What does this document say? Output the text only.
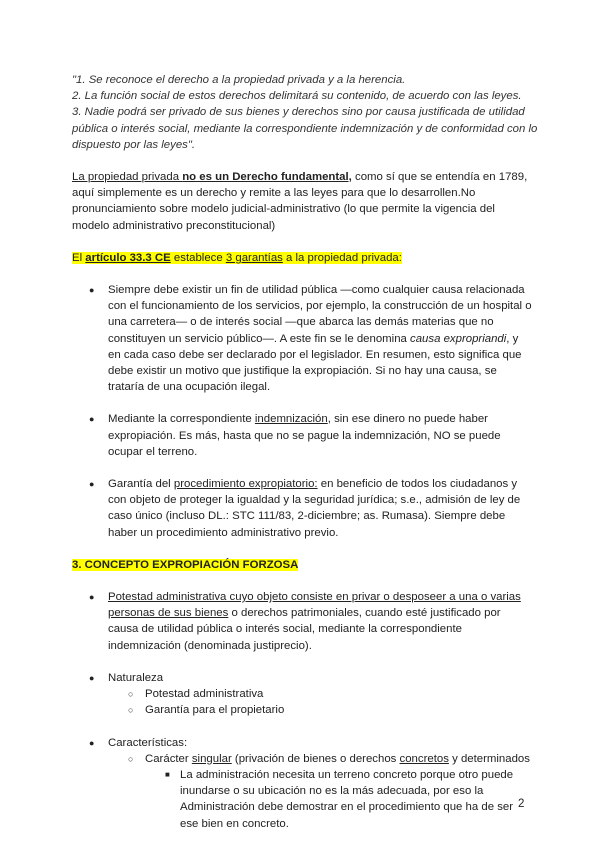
"1. Se reconoce el derecho a la propiedad privada y a la herencia.
2. La función social de estos derechos delimitará su contenido, de acuerdo con las leyes.
3. Nadie podrá ser privado de sus bienes y derechos sino por causa justificada de utilidad pública o interés social, mediante la correspondiente indemnización y de conformidad con lo dispuesto por las leyes".
La propiedad privada no es un Derecho fundamental, como sí que se entendía en 1789, aquí simplemente es un derecho y remite a las leyes para que lo desarrollen.No pronunciamiento sobre modelo judicial-administrativo (lo que permite la vigencia del modelo administrativo preconstitucional)
El artículo 33.3 CE establece 3 garantías a la propiedad privada:
● Siempre debe existir un fin de utilidad pública —como cualquier causa relacionada con el funcionamiento de los servicios, por ejemplo, la construcción de un hospital o una carretera— o de interés social —que abarca las demás materias que no constituyen un servicio público—. A este fin se le denomina causa expropriandi, y en cada caso debe ser declarado por el legislador. En resumen, esto significa que debe existir un motivo que justifique la expropiación. Si no hay una causa, se trataría de una ocupación ilegal.
● Mediante la correspondiente indemnización, sin ese dinero no puede haber expropiación. Es más, hasta que no se pague la indemnización, NO se puede ocupar el terreno.
● Garantía del procedimiento expropiatorio: en beneficio de todos los ciudadanos y con objeto de proteger la igualdad y la seguridad jurídica; s.e., admisión de ley de caso único (incluso DL.: STC 111/83, 2-diciembre; as. Rumasa). Siempre debe haber un procedimiento administrativo previo.
3. CONCEPTO EXPROPIACIÓN FORZOSA
● Potestad administrativa cuyo objeto consiste en privar o desposeer a una o varias personas de sus bienes o derechos patrimoniales, cuando esté justificado por causa de utilidad pública o interés social, mediante la correspondiente indemnización (denominada justiprecio).
● Naturaleza
○ Potestad administrativa
○ Garantía para el propietario
● Características:
○ Carácter singular (privación de bienes o derechos concretos y determinados
■ La administración necesita un terreno concreto porque otro puede inundarse o su ubicación no es la más adecuada, por eso la Administración debe demostrar en el procedimiento que ha de ser ese bien en concreto.
2
